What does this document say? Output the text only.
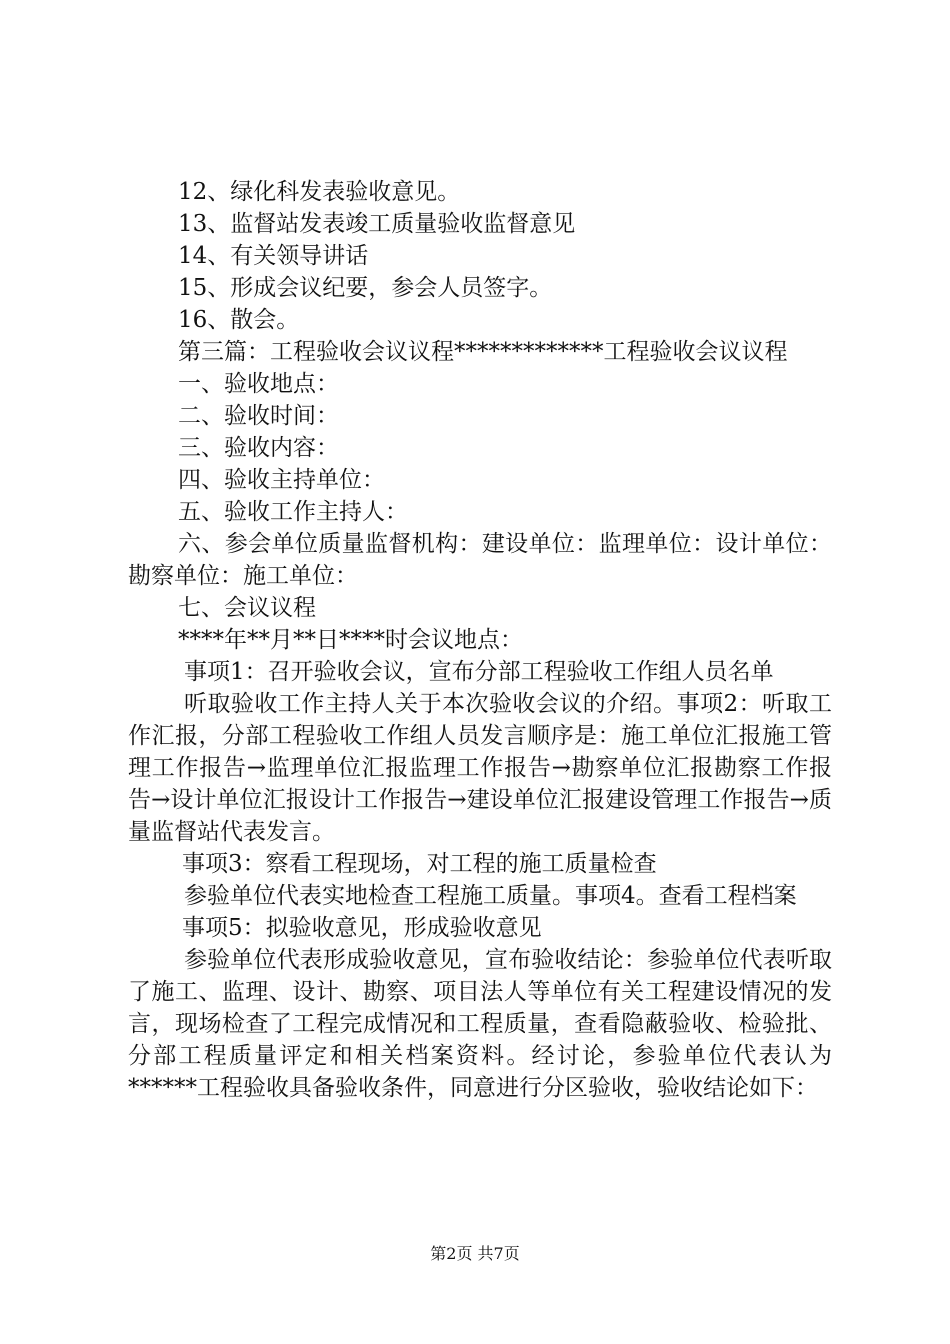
12、绿化科发表验收意见。

13、监督站发表竣工质量验收监督意见

14、有关领导讲话

15、形成会议纪要，参会人员签字。

16、散会。

第三篇：工程验收会议议程*************工程验收会议议程

一、验收地点：

二、验收时间：

三、验收内容：

四、验收主持单位：

五、验收工作主持人：

六、参会单位质量监督机构：建设单位：监理单位：设计单位：勘察单位：施工单位：

七、会议议程

****年**月**日****时会议地点：

事项1：召开验收会议，宣布分部工程验收工作组人员名单

听取验收工作主持人关于本次验收会议的介绍。事项2：听取工作汇报，分部工程验收工作组人员发言顺序是：施工单位汇报施工管理工作报告→监理单位汇报监理工作报告→勘察单位汇报勘察工作报告→设计单位汇报设计工作报告→建设单位汇报建设管理工作报告→质量监督站代表发言。

事项3：察看工程现场，对工程的施工质量检查

参验单位代表实地检查工程施工质量。事项4。查看工程档案

事项5：拟验收意见，形成验收意见

参验单位代表形成验收意见，宣布验收结论：参验单位代表听取了施工、监理、设计、勘察、项目法人等单位有关工程建设情况的发言，现场检查了工程完成情况和工程质量，查看隐蔽验收、检验批、分部工程质量评定和相关档案资料。经讨论，参验单位代表认为******工程验收具备验收条件，同意进行分区验收，验收结论如下：

第2页 共7页
